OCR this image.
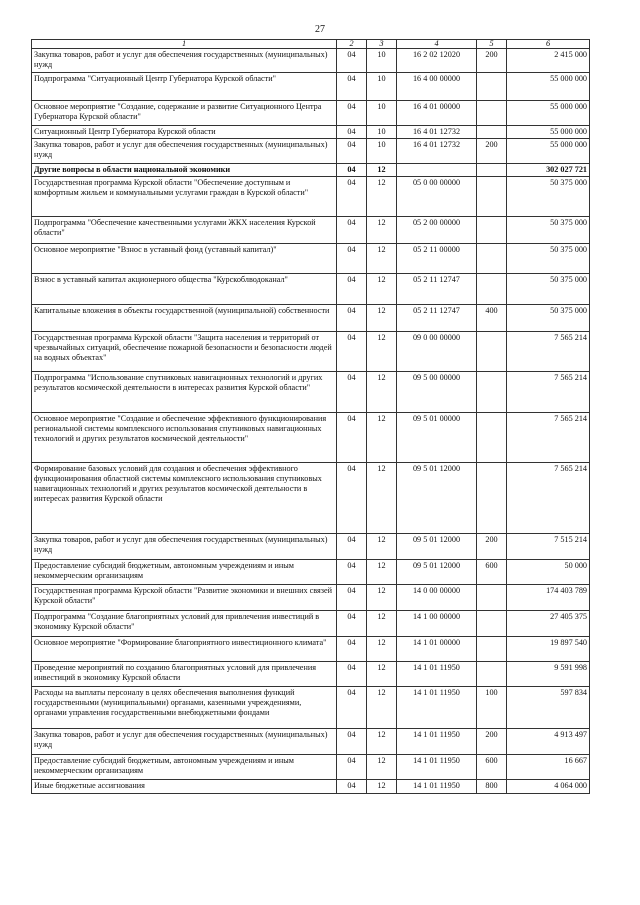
27
1	2	3	4	5	6
Закупка товаров, работ и услуг для обеспечения государственных (муниципальных) нужд	04	10	16 2 02 12020	200	2 415 000
Подпрограмма "Ситуационный Центр Губернатора Курской области"	04	10	16 4 00 00000		55 000 000
Основное мероприятие "Создание, содержание и развитие Ситуационного Центра Губернатора Курской области"	04	10	16 4 01 00000		55 000 000
Ситуационный Центр Губернатора Курской области	04	10	16 4 01 12732		55 000 000
Закупка товаров, работ и услуг для обеспечения государственных (муниципальных) нужд	04	10	16 4 01 12732	200	55 000 000
Другие вопросы в области национальной экономики	04	12			302 027 721
Государственная программа Курской области "Обеспечение доступным и комфортным жильем и коммунальными услугами граждан в Курской области"	04	12	05 0 00 00000		50 375 000
Подпрограмма "Обеспечение качественными услугами ЖКХ населения Курской области"	04	12	05 2 00 00000		50 375 000
Основное мероприятие "Взнос в уставный фонд (уставный капитал)"	04	12	05 2 11 00000		50 375 000
Взнос в уставный капитал акционерного общества "Курскоблводоканал"	04	12	05 2 11 12747		50 375 000
Капитальные вложения в объекты государственной (муниципальной) собственности	04	12	05 2 11 12747	400	50 375 000
Государственная программа Курской области "Защита населения и территорий от чрезвычайных ситуаций, обеспечение пожарной безопасности и безопасности людей на водных объектах"	04	12	09 0 00 00000		7 565 214
Подпрограмма "Использование спутниковых навигационных технологий и других результатов космической деятельности в интересах развития Курской области"	04	12	09 5 00 00000		7 565 214
Основное мероприятие "Создание и обеспечение эффективного функционирования региональной системы комплексного использования спутниковых навигационных технологий и других результатов космической деятельности"	04	12	09 5 01 00000		7 565 214
Формирование базовых условий для создания и обеспечения эффективного функционирования областной системы комплексного использования спутниковых навигационных технологий и других результатов космической деятельности в интересах развития Курской области	04	12	09 5 01 12000		7 565 214
Закупка товаров, работ и услуг для обеспечения государственных (муниципальных) нужд	04	12	09 5 01 12000	200	7 515 214
Предоставление субсидий бюджетным, автономным учреждениям и иным некоммерческим организациям	04	12	09 5 01 12000	600	50 000
Государственная программа Курской области "Развитие экономики и внешних связей Курской области"	04	12	14 0 00 00000		174 403 789
Подпрограмма "Создание благоприятных условий для привлечения инвестиций в экономику Курской области"	04	12	14 1 00 00000		27 405 375
Основное мероприятие "Формирование благоприятного инвестиционного климата"	04	12	14 1 01 00000		19 897 540
Проведение мероприятий по созданию благоприятных условий для привлечения инвестиций в экономику Курской области	04	12	14 1 01 11950		9 591 998
Расходы на выплаты персоналу в целях обеспечения выполнения функций государственными (муниципальными) органами, казенными учреждениями, органами управления государственными внебюджетными фондами	04	12	14 1 01 11950	100	597 834
Закупка товаров, работ и услуг для обеспечения государственных (муниципальных) нужд	04	12	14 1 01 11950	200	4 913 497
Предоставление субсидий бюджетным, автономным учреждениям и иным некоммерческим организациям	04	12	14 1 01 11950	600	16 667
Иные бюджетные ассигнования	04	12	14 1 01 11950	800	4 064 000
